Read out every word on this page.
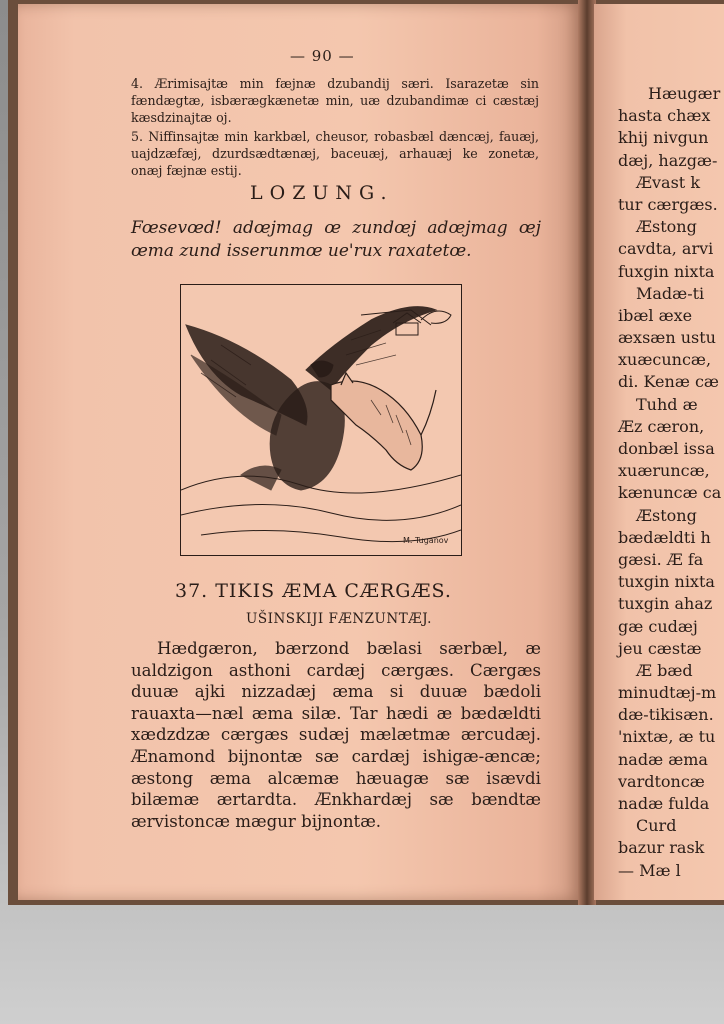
Hæugær
hasta chæx
khij nivgun
dæj, hazgæ-
Ævast k
tur cærgæs.
Æstong
cavdta, arvi
fuxgin nixta
Madæ-ti
ibæl æxe
æxsæn ustu
xuæcuncæ,
di. Kenæ cæ
Tuhd æ
Æz cæron,
donbæl issa
xuæruncæ,
kænuncæ ca
Æstong
bædældti h
gæsi. Æ fa
tuxgin nixta
tuxgin ahaz
gæ cudæj
jeu cæstæ
Æ bæd
minudtæj-m
dæ-tikisæn.
'nixtæ, æ tu
nadæ æma
vardtoncæ
nadæ fulda
Curd
bazur rask
— Mæ l
— 90 —
4. Ærimisajtæ min fæjnæ dzubandij særi. Isarazetæ sin fændægtæ, isbærægkænetæ min, uæ dzubandimæ ci cæstæj kæsdzinajtæ oj.
5. Niffinsajtæ min karkbæl, cheusor, robasbæl dæncæj, fauæj, uajdzæfæj, dzurdsædtænæj, baceuæj, arhauæj ke zonetæ, onæj fæjnæ estij.
LOZUNG.
Fœsevœd! adœjmag œ zundœj adœjmag œj œma zund isserunmœ ue'rux raxatetœ.
M. Tuganov
37. TIKIS ÆMA CÆRGÆS.
UŠINSKIJI FÆNZUNTÆJ.
Hædgæron, bærzond bælasi særbæl, æ ualdzigon asthoni cardæj cærgæs. Cærgæs duuæ ajki nizzadæj æma si duuæ bædoli rauaxta—næl æma silæ. Tar hædi æ bædældti xædzdzæ cærgæs sudæj mælætmæ ærcudæj. Ænamond bijnontæ sæ cardæj ishigæ-æncæ; æstong æma alcæmæ hæuagæ sæ isævdi bilæmæ ærtardta. Ænkhardæj sæ bændtæ ærvistoncæ mægur bijnontæ.
